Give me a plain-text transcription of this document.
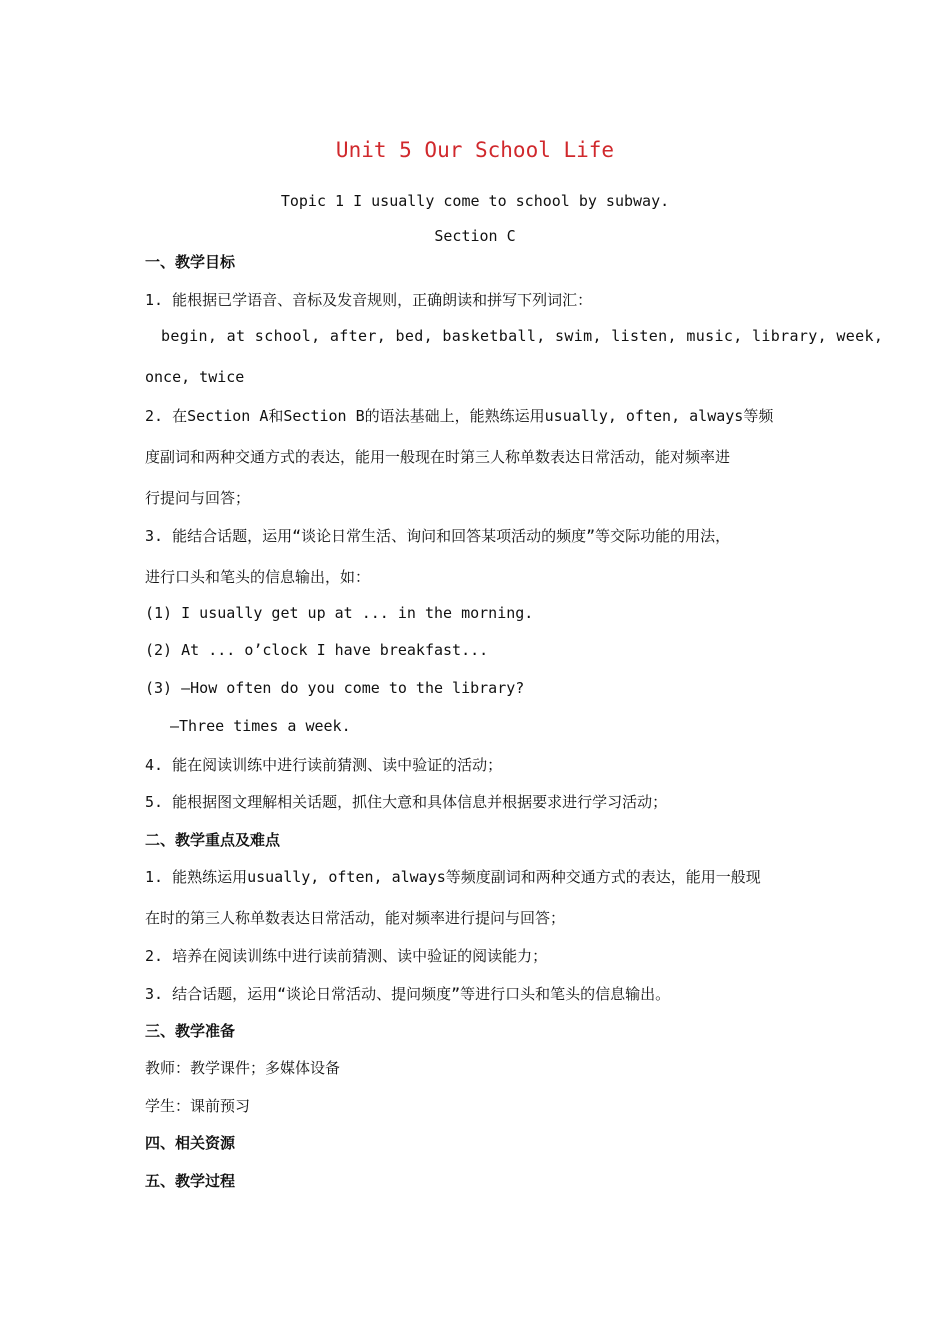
Unit 5 Our School Life
Topic 1 I usually come to school by subway.
Section C
一、教学目标
1. 能根据已学语音、音标及发音规则，正确朗读和拼写下列词汇：
begin, at school, after, bed, basketball, swim, listen, music, library, week,
once, twice
2. 在Section A和Section B的语法基础上，能熟练运用usually, often, always等频
度副词和两种交通方式的表达，能用一般现在时第三人称单数表达日常活动，能对频率进
行提问与回答；
3. 能结合话题，运用“谈论日常生活、询问和回答某项活动的频度”等交际功能的用法，
进行口头和笔头的信息输出，如：
(1) I usually get up at ... in the morning.
(2) At ... o’clock I have breakfast...
(3) —How often do you come to the library?
—Three times a week.
4. 能在阅读训练中进行读前猜测、读中验证的活动；
5. 能根据图文理解相关话题，抓住大意和具体信息并根据要求进行学习活动；
二、教学重点及难点
1. 能熟练运用usually, often, always等频度副词和两种交通方式的表达，能用一般现
在时的第三人称单数表达日常活动，能对频率进行提问与回答；
2. 培养在阅读训练中进行读前猜测、读中验证的阅读能力；
3. 结合话题，运用“谈论日常活动、提问频度”等进行口头和笔头的信息输出。
三、教学准备
教师：教学课件；多媒体设备
学生：课前预习
四、相关资源
五、教学过程
